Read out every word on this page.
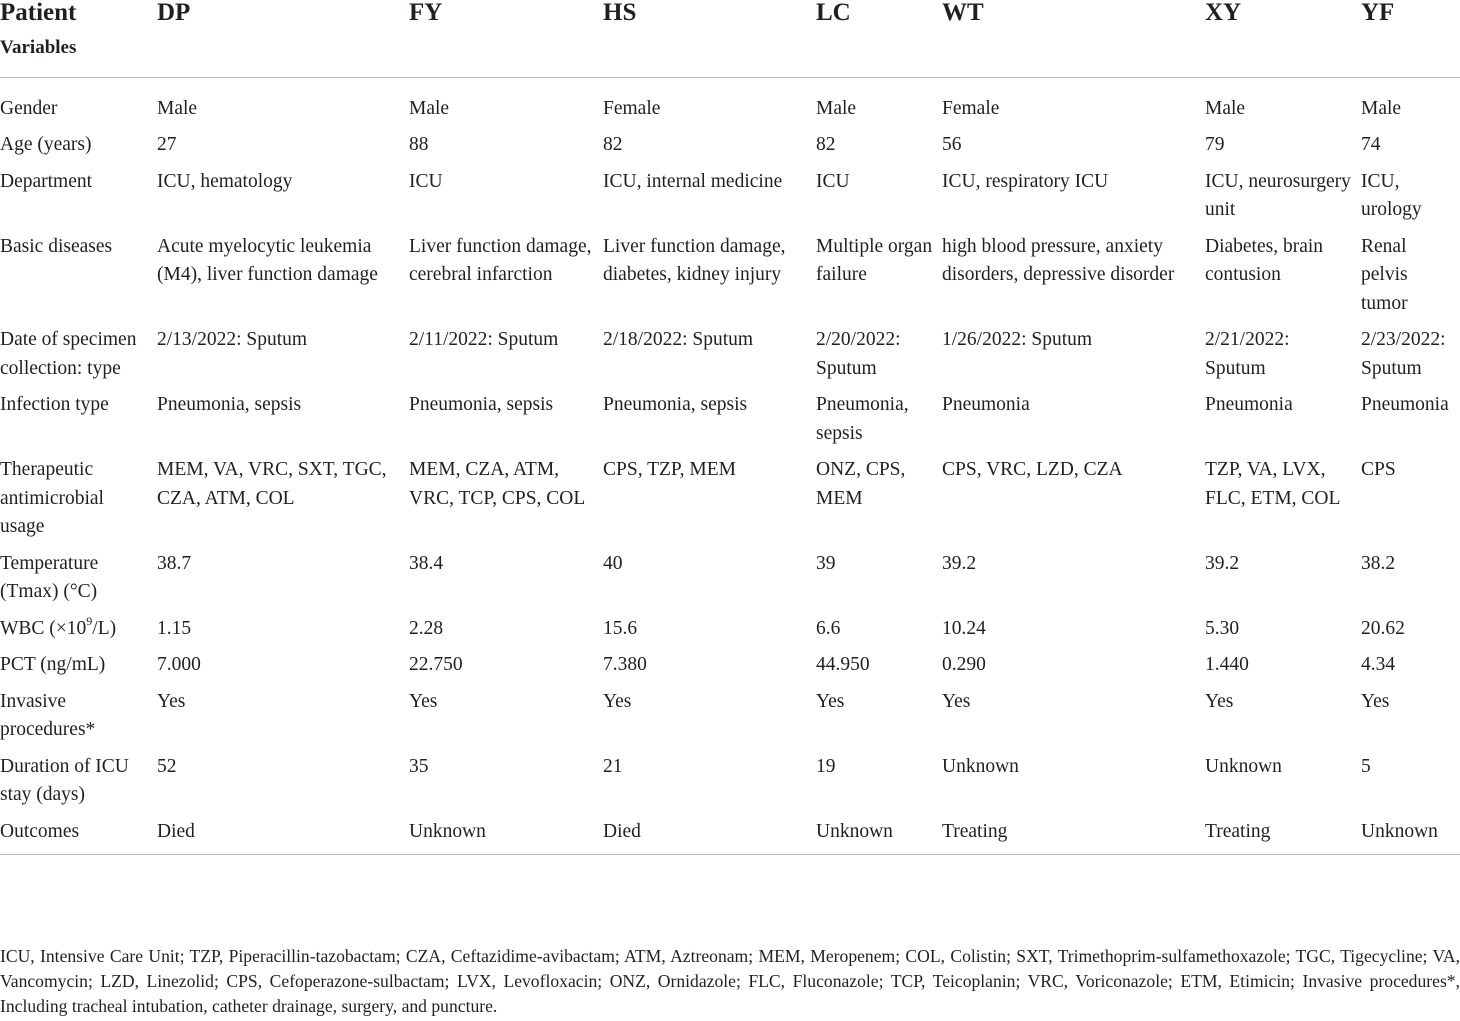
Patient	DP	FY	HS	LC	WT	XY	YF
Variables							
Gender	Male	Male	Female	Male	Female	Male	Male
Age (years)	27	88	82	82	56	79	74
Department	ICU, hematology	ICU	ICU, internal medicine	ICU	ICU, respiratory ICU	ICU, neurosurgery unit	ICU, urology
Basic diseases	Acute myelocytic leukemia (M4), liver function damage	Liver function damage, cerebral infarction	Liver function damage, diabetes, kidney injury	Multiple organ failure	high blood pressure, anxiety disorders, depressive disorder	Diabetes, brain contusion	Renal pelvis tumor
Date of specimen collection: type	2/13/2022: Sputum	2/11/2022: Sputum	2/18/2022: Sputum	2/20/2022: Sputum	1/26/2022: Sputum	2/21/2022: Sputum	2/23/2022: Sputum
Infection type	Pneumonia, sepsis	Pneumonia, sepsis	Pneumonia, sepsis	Pneumonia, sepsis	Pneumonia	Pneumonia	Pneumonia
Therapeutic antimicrobial usage	MEM, VA, VRC, SXT, TGC, CZA, ATM, COL	MEM, CZA, ATM, VRC, TCP, CPS, COL	CPS, TZP, MEM	ONZ, CPS, MEM	CPS, VRC, LZD, CZA	TZP, VA, LVX, FLC, ETM, COL	CPS
Temperature (Tmax) (°C)	38.7	38.4	40	39	39.2	39.2	38.2
WBC $(\times 10^9/L)$	1.15	2.28	15.6	6.6	10.24	5.30	20.62
PCT (ng/mL)	7.000	22.750	7.380	44.950	0.290	1.440	4.34
Invasive procedures*	Yes	Yes	Yes	Yes	Yes	Yes	Yes
Duration of ICU stay (days)	52	35	21	19	Unknown	Unknown	5
Outcomes	Died	Unknown	Died	Unknown	Treating	Treating	Unknown
ICU, Intensive Care Unit; TZP, Piperacillin-tazobactam; CZA, Ceftazidime-avibactam; ATM, Aztreonam; MEM, Meropenem; COL, Colistin; SXT, Trimethoprim-sulfamethoxazole; TGC, Tigecycline; VA, Vancomycin; LZD, Linezolid; CPS, Cefoperazone-sulbactam; LVX, Levofloxacin; ONZ, Ornidazole; FLC, Fluconazole; TCP, Teicoplanin; VRC, Voriconazole; ETM, Etimicin; Invasive procedures*, Including tracheal intubation, catheter drainage, surgery, and puncture.
